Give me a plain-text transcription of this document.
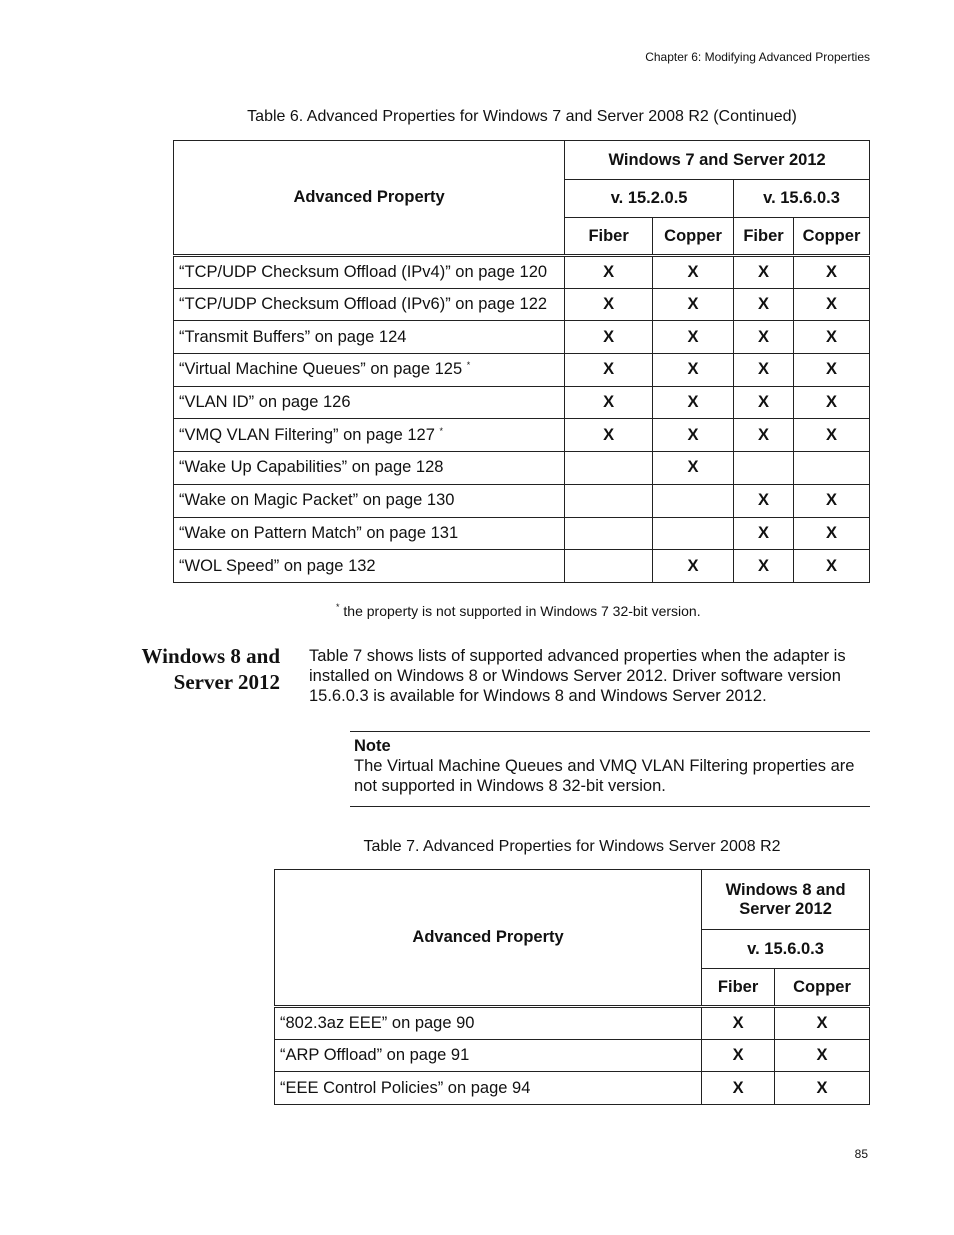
Chapter 6: Modifying Advanced Properties
Table 6. Advanced Properties for Windows 7 and Server 2008 R2 (Continued)
Advanced Property	Windows 7 and Server 2012			
	v. 15.2.0.5		v. 15.6.0.3	
	Fiber	Copper	Fiber	Copper
“TCP/UDP Checksum Offload (IPv4)” on page 120	X	X	X	X
“TCP/UDP Checksum Offload (IPv6)” on page 122	X	X	X	X
“Transmit Buffers” on page 124	X	X	X	X
“Virtual Machine Queues” on page 125 *	X	X	X	X
“VLAN ID” on page 126	X	X	X	X
“VMQ VLAN Filtering” on page 127 *	X	X	X	X
“Wake Up Capabilities” on page 128		X		
“Wake on Magic Packet” on page 130			X	X
“Wake on Pattern Match” on page 131			X	X
“WOL Speed” on page 132		X	X	X
* the property is not supported in Windows 7 32-bit version.
Windows 8 and
Server 2012
Table 7 shows lists of supported advanced properties when the adapter is installed on Windows 8 or Windows Server 2012. Driver software version 15.6.0.3 is available for Windows 8 and Windows Server 2012.
Note
The Virtual Machine Queues and VMQ VLAN Filtering properties are not supported in Windows 8 32-bit version.
Table 7. Advanced Properties for Windows Server 2008 R2
Advanced Property	Windows 8 and Server 2012	
	v. 15.6.0.3	
	Fiber	Copper
“802.3az EEE” on page 90	X	X
“ARP Offload” on page 91	X	X
“EEE Control Policies” on page 94	X	X
85
